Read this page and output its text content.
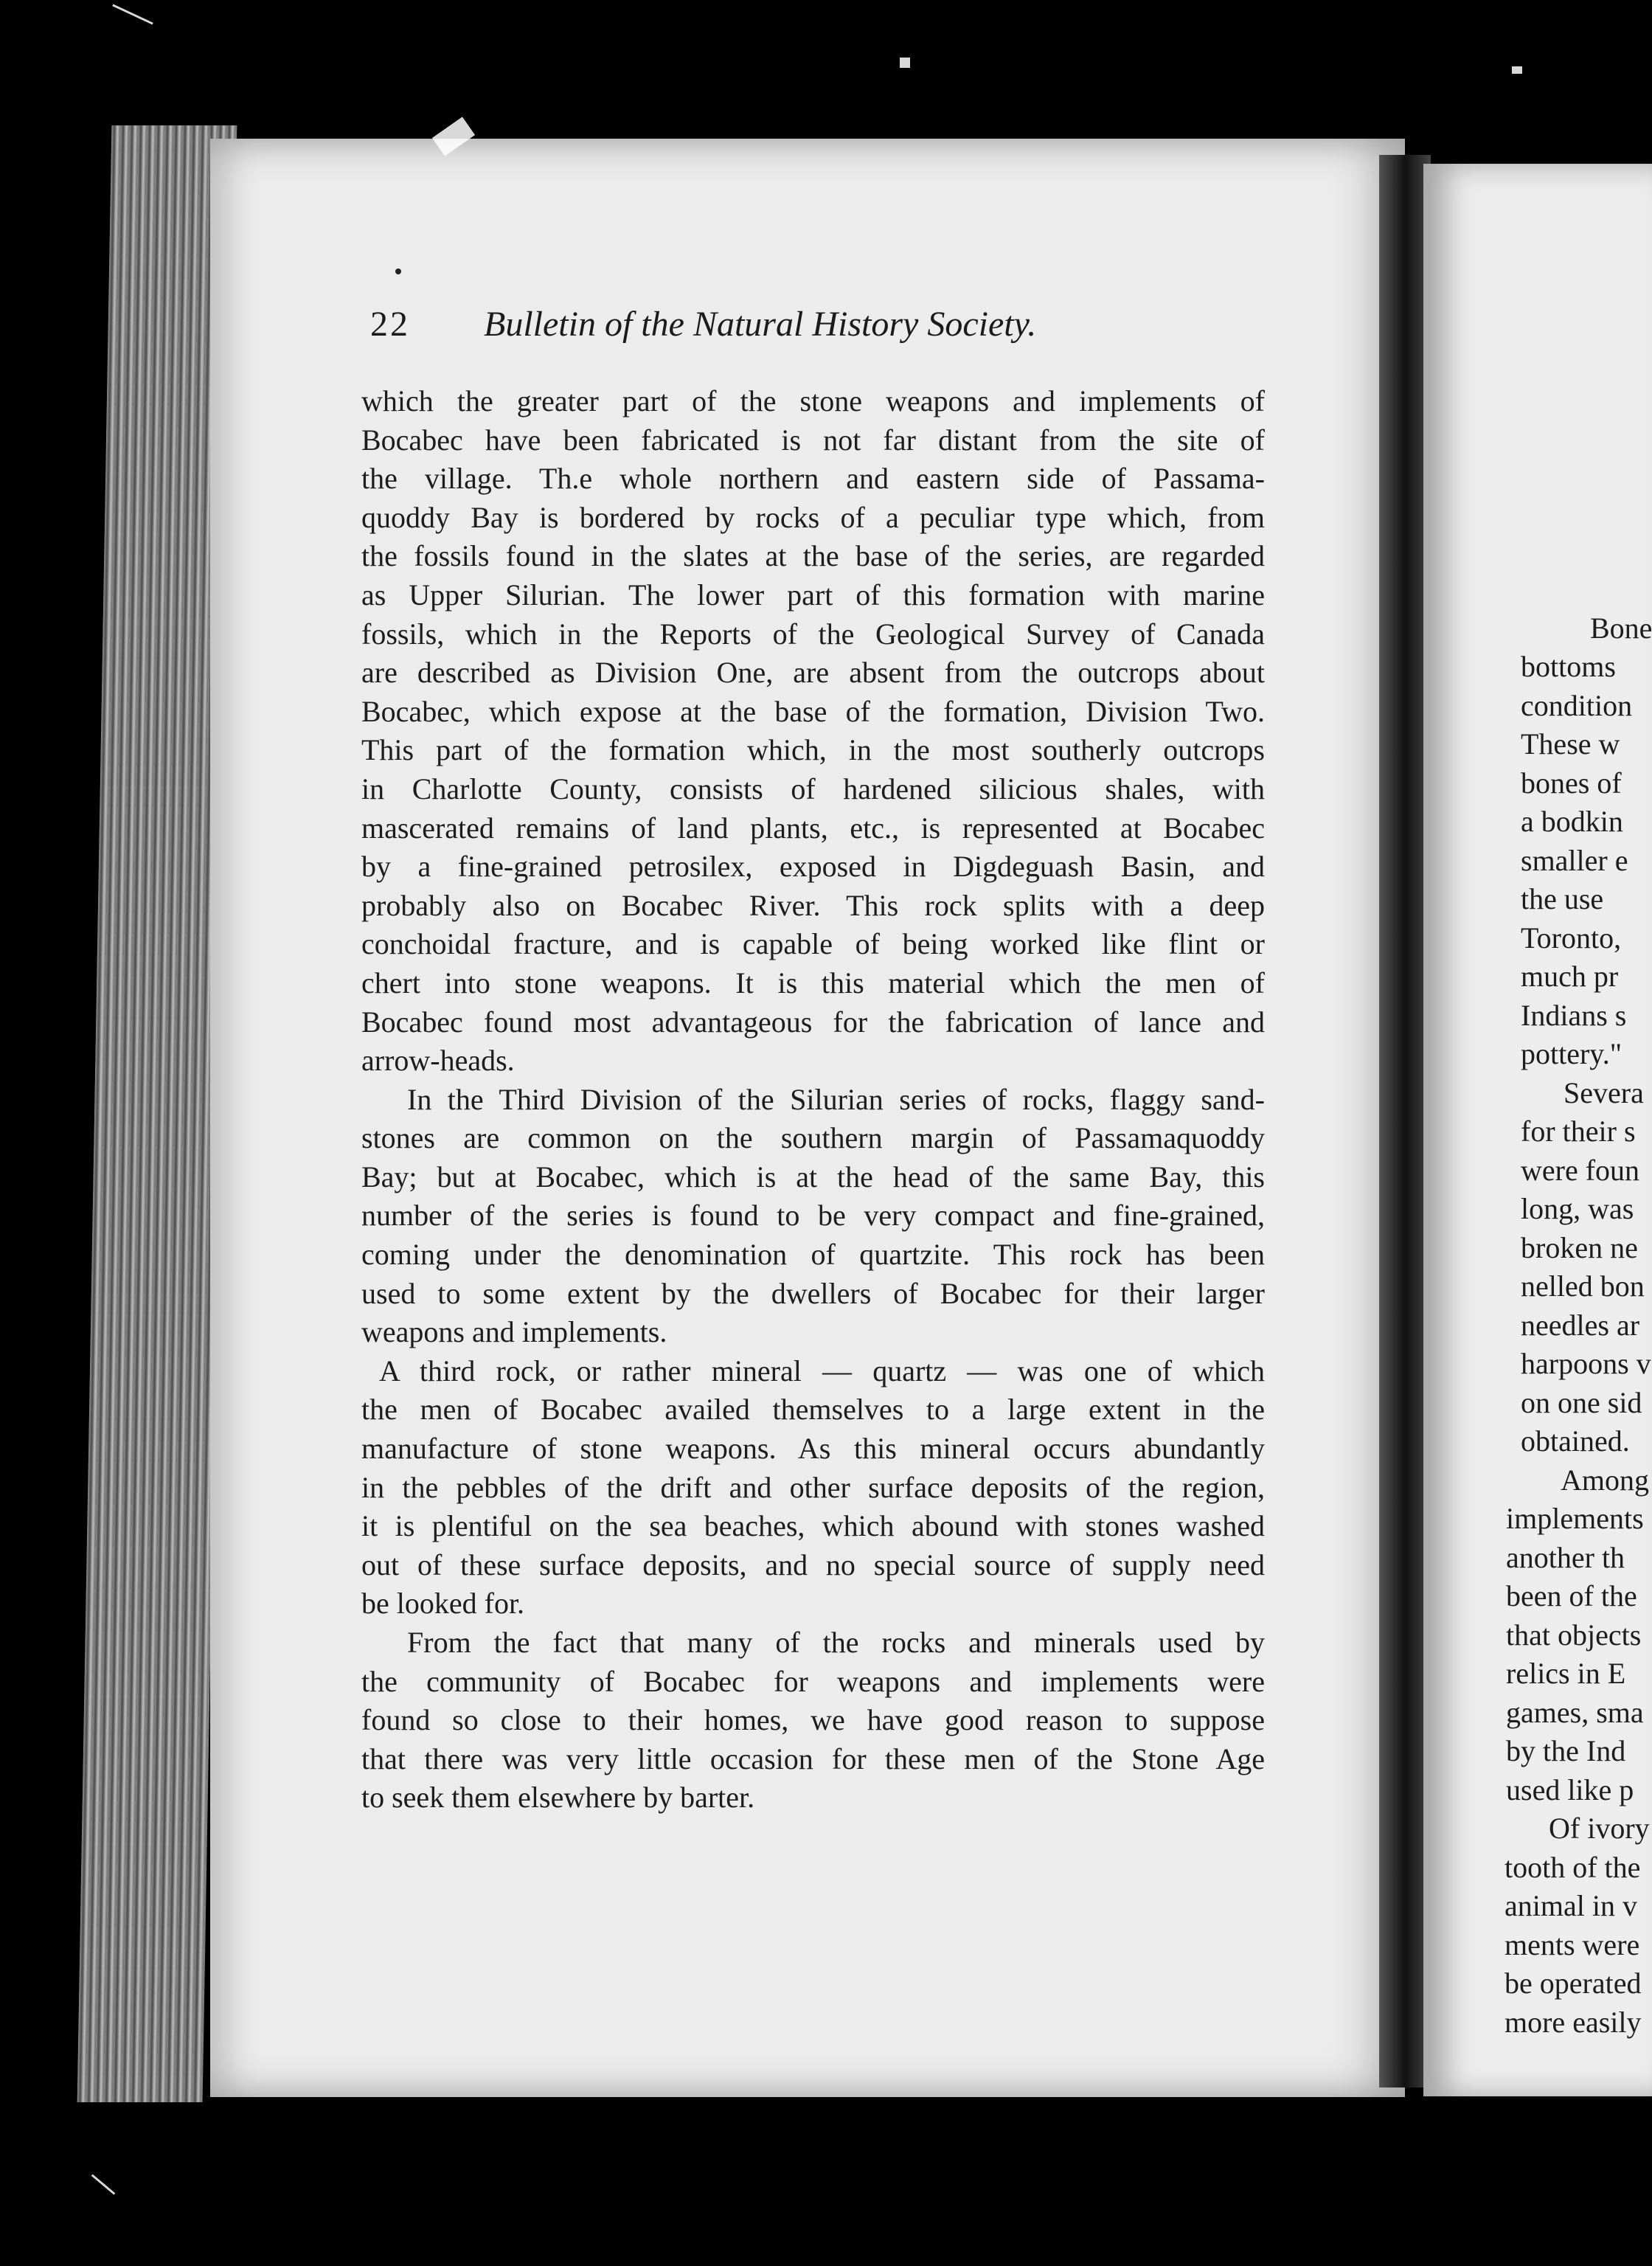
Bone
bottoms
condition
These w
bones of
a bodkin
smaller e
the use
Toronto,
much pr
Indians s
pottery."
Severa
for their s
were foun
long, was
broken ne
nelled bon
needles ar
harpoons v
on one sid
obtained.
Among
implements
another th
been of the
that objects
relics in E
games, sma
by the Ind
used like p
Of ivory
tooth of the
animal in v
ments were
be operated
more easily
22 Bulletin of the Natural History Society.
which the greater part of the stone weapons and implements of
Bocabec have been fabricated is not far distant from the site of
the village. Th.e whole northern and eastern side of Passama-
quoddy Bay is bordered by rocks of a peculiar type which, from
the fossils found in the slates at the base of the series, are regarded
as Upper Silurian. The lower part of this formation with marine
fossils, which in the Reports of the Geological Survey of Canada
are described as Division One, are absent from the outcrops about
Bocabec, which expose at the base of the formation, Division Two.
This part of the formation which, in the most southerly outcrops
in Charlotte County, consists of hardened silicious shales, with
mascerated remains of land plants, etc., is represented at Bocabec
by a fine-grained petrosilex, exposed in Digdeguash Basin, and
probably also on Bocabec River. This rock splits with a deep
conchoidal fracture, and is capable of being worked like flint or
chert into stone weapons. It is this material which the men of
Bocabec found most advantageous for the fabrication of lance and
arrow-heads.
In the Third Division of the Silurian series of rocks, flaggy sand-
stones are common on the southern margin of Passamaquoddy
Bay; but at Bocabec, which is at the head of the same Bay, this
number of the series is found to be very compact and fine-grained,
coming under the denomination of quartzite. This rock has been
used to some extent by the dwellers of Bocabec for their larger
weapons and implements.
A third rock, or rather mineral — quartz — was one of which
the men of Bocabec availed themselves to a large extent in the
manufacture of stone weapons. As this mineral occurs abundantly
in the pebbles of the drift and other surface deposits of the region,
it is plentiful on the sea beaches, which abound with stones washed
out of these surface deposits, and no special source of supply need
be looked for.
From the fact that many of the rocks and minerals used by
the community of Bocabec for weapons and implements were
found so close to their homes, we have good reason to suppose
that there was very little occasion for these men of the Stone Age
to seek them elsewhere by barter.
